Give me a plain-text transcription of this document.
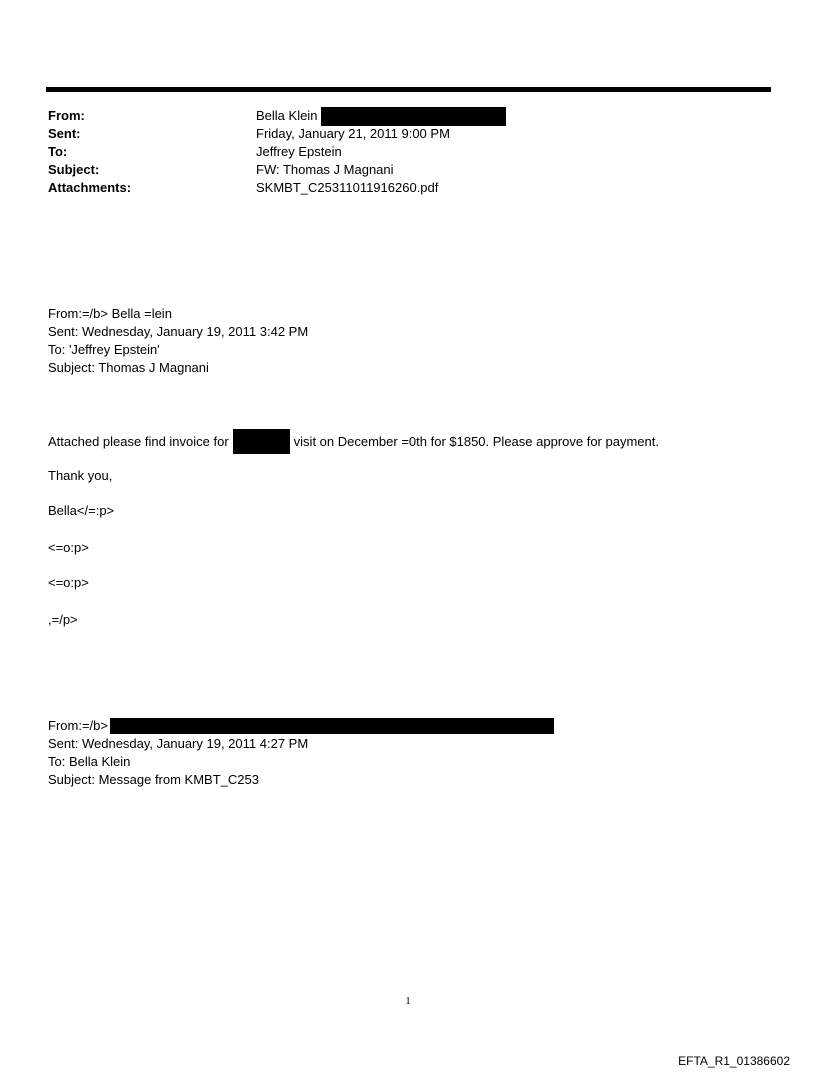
From:	Bella Klein
Sent:	Friday, January 21, 2011 9:00 PM
To:	Jeffrey Epstein
Subject:	FW: Thomas J Magnani
Attachments:	SKMBT_C25311011916260.pdf
From:=/b> Bella =lein
Sent: Wednesday, January 19, 2011 3:42 PM
To: 'Jeffrey Epstein'
Subject: Thomas J Magnani
Attached please find invoice for	visit on December =0th for $1850. Please approve for payment.
Thank you,
Bella</=:p>
<=o:p>
<=o:p>
,=/p>
From:=/b>
Sent: Wednesday, January 19, 2011 4:27 PM
To: Bella Klein
Subject: Message from KMBT_C253
1
EFTA_R1_01386602
